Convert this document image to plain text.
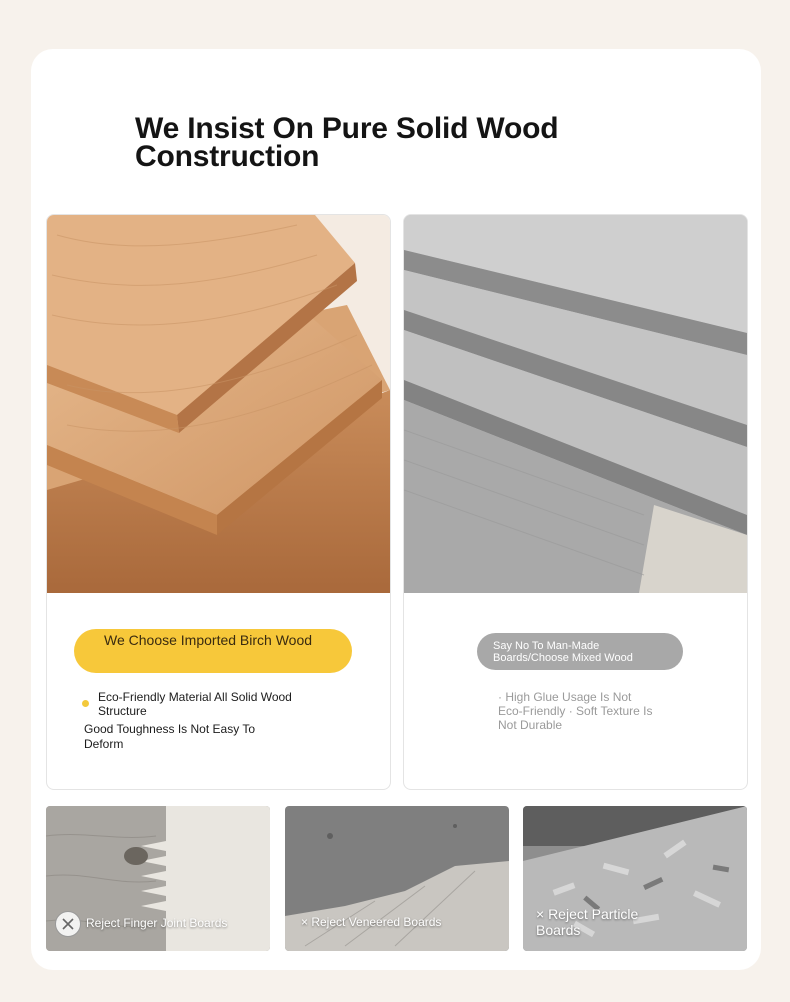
We Insist On Pure Solid Wood Construction
We Choose Imported Birch Wood
Eco-Friendly Material All Solid Wood Structure
Good Toughness Is Not Easy To Deform
Say No To Man-Made Boards/Choose Mixed Wood
· High Glue Usage Is Not Eco-Friendly · Soft Texture Is Not Durable
Reject Finger Joint Boards	× Reject Veneered Boards	× Reject Particle Boards
